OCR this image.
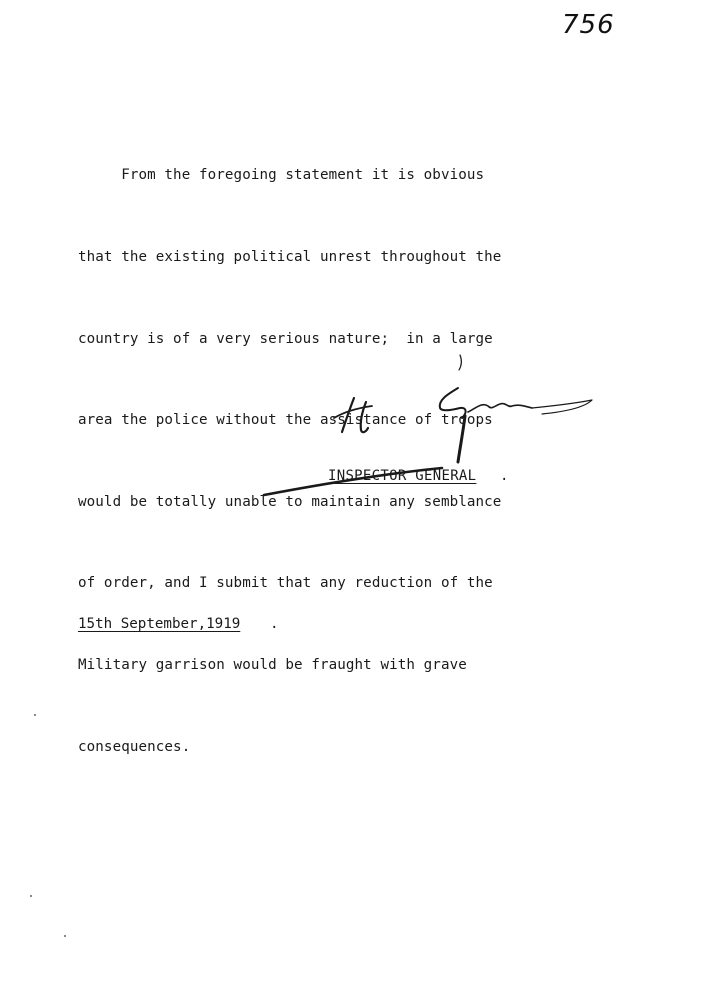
756

From the foregoing statement it is obvious

that the existing political unrest throughout the

country is of a very serious nature;  in a large

area the police without the assistance of troops

would be totally unable to maintain any semblance

of order, and I submit that any reduction of the

Military garrison would be fraught with grave

consequences.

INSPECTOR GENERAL .
15th September,1919 .
